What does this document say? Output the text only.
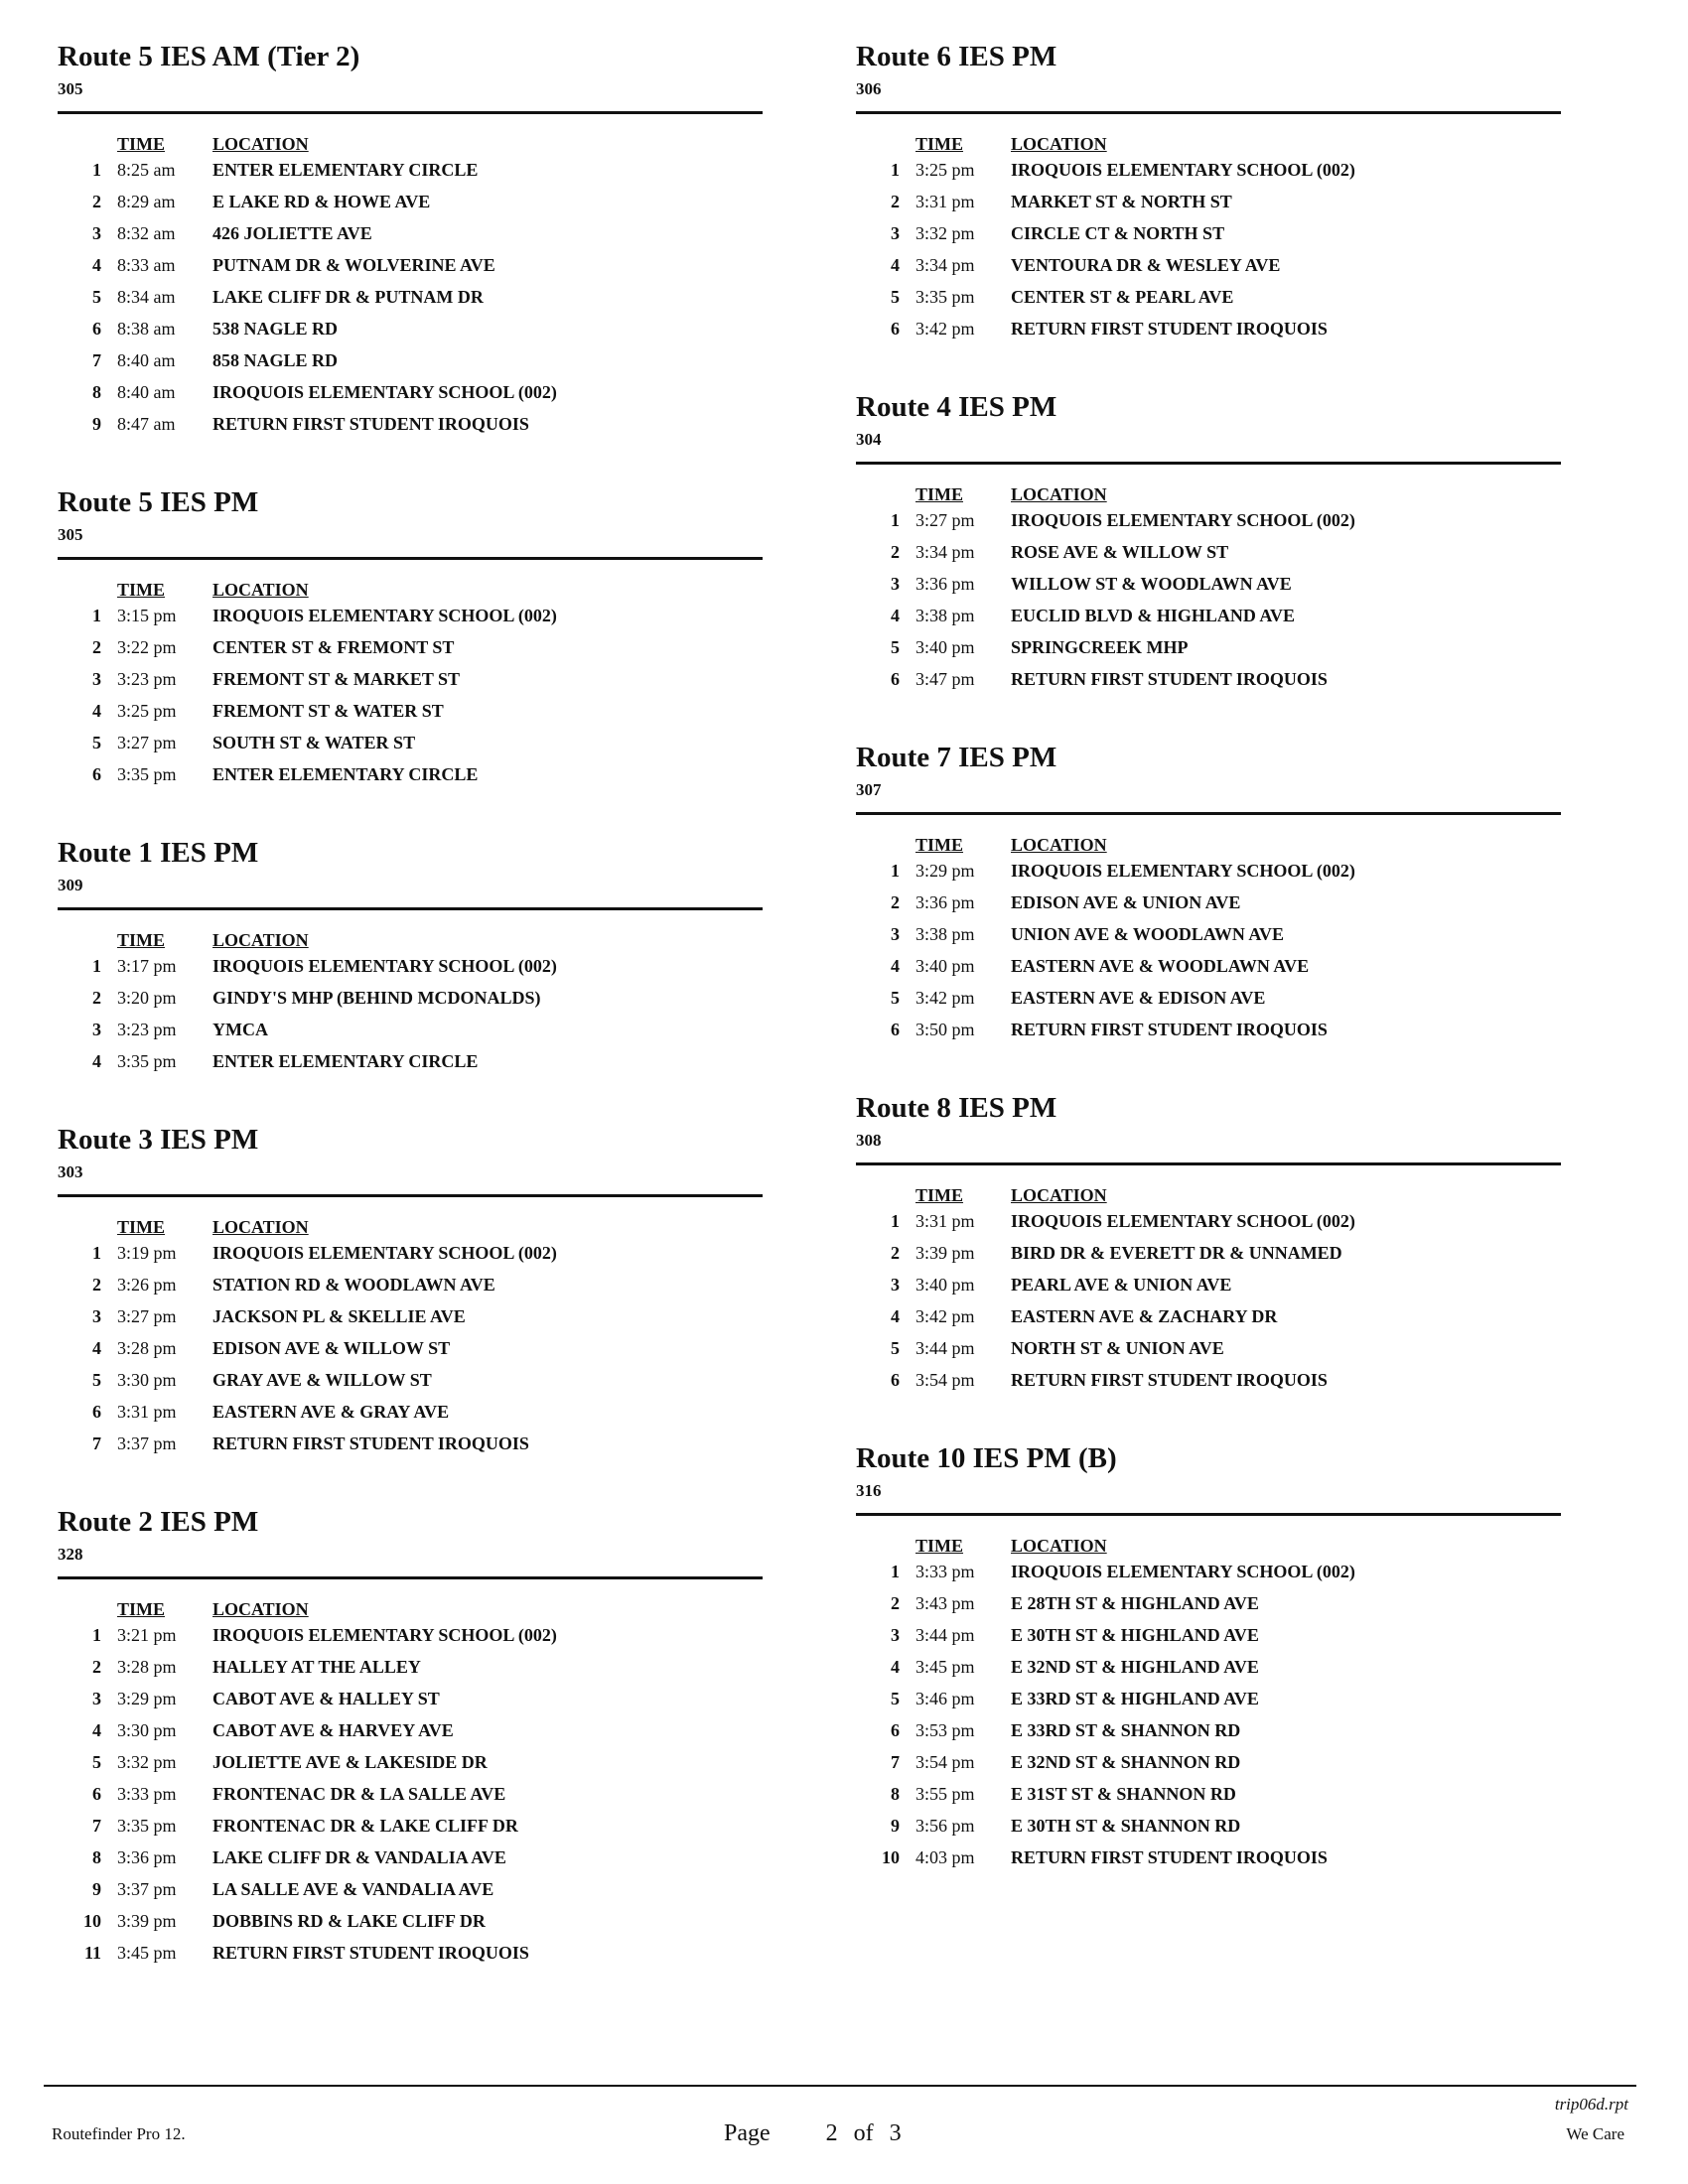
Route 5 IES AM (Tier 2)
305
	TIME	LOCATION
1	8:25 am	ENTER ELEMENTARY CIRCLE
2	8:29 am	E LAKE RD & HOWE AVE
3	8:32 am	426 JOLIETTE AVE
4	8:33 am	PUTNAM DR & WOLVERINE AVE
5	8:34 am	LAKE CLIFF DR & PUTNAM DR
6	8:38 am	538 NAGLE RD
7	8:40 am	858 NAGLE RD
8	8:40 am	IROQUOIS ELEMENTARY SCHOOL (002)
9	8:47 am	RETURN FIRST STUDENT IROQUOIS
Route 5 IES PM
305
	TIME	LOCATION
1	3:15 pm	IROQUOIS ELEMENTARY SCHOOL (002)
2	3:22 pm	CENTER ST & FREMONT ST
3	3:23 pm	FREMONT ST & MARKET ST
4	3:25 pm	FREMONT ST & WATER ST
5	3:27 pm	SOUTH ST & WATER ST
6	3:35 pm	ENTER ELEMENTARY CIRCLE
Route 1 IES PM
309
	TIME	LOCATION
1	3:17 pm	IROQUOIS ELEMENTARY SCHOOL (002)
2	3:20 pm	GINDY'S MHP (BEHIND MCDONALDS)
3	3:23 pm	YMCA
4	3:35 pm	ENTER ELEMENTARY CIRCLE
Route 3 IES PM
303
	TIME	LOCATION
1	3:19 pm	IROQUOIS ELEMENTARY SCHOOL (002)
2	3:26 pm	STATION RD & WOODLAWN AVE
3	3:27 pm	JACKSON PL & SKELLIE AVE
4	3:28 pm	EDISON AVE & WILLOW ST
5	3:30 pm	GRAY AVE & WILLOW ST
6	3:31 pm	EASTERN AVE & GRAY AVE
7	3:37 pm	RETURN FIRST STUDENT IROQUOIS
Route 2 IES PM
328
	TIME	LOCATION
1	3:21 pm	IROQUOIS ELEMENTARY SCHOOL (002)
2	3:28 pm	HALLEY AT THE ALLEY
3	3:29 pm	CABOT AVE & HALLEY ST
4	3:30 pm	CABOT AVE & HARVEY AVE
5	3:32 pm	JOLIETTE AVE & LAKESIDE DR
6	3:33 pm	FRONTENAC DR & LA SALLE AVE
7	3:35 pm	FRONTENAC DR & LAKE CLIFF DR
8	3:36 pm	LAKE CLIFF DR & VANDALIA AVE
9	3:37 pm	LA SALLE AVE & VANDALIA AVE
10	3:39 pm	DOBBINS RD & LAKE CLIFF DR
11	3:45 pm	RETURN FIRST STUDENT IROQUOIS
Route 6 IES PM
306
	TIME	LOCATION
1	3:25 pm	IROQUOIS ELEMENTARY SCHOOL (002)
2	3:31 pm	MARKET ST & NORTH ST
3	3:32 pm	CIRCLE CT & NORTH ST
4	3:34 pm	VENTOURA DR & WESLEY AVE
5	3:35 pm	CENTER ST & PEARL AVE
6	3:42 pm	RETURN FIRST STUDENT IROQUOIS
Route 4 IES PM
304
	TIME	LOCATION
1	3:27 pm	IROQUOIS ELEMENTARY SCHOOL (002)
2	3:34 pm	ROSE AVE & WILLOW ST
3	3:36 pm	WILLOW ST & WOODLAWN AVE
4	3:38 pm	EUCLID BLVD & HIGHLAND AVE
5	3:40 pm	SPRINGCREEK MHP
6	3:47 pm	RETURN FIRST STUDENT IROQUOIS
Route 7 IES PM
307
	TIME	LOCATION
1	3:29 pm	IROQUOIS ELEMENTARY SCHOOL (002)
2	3:36 pm	EDISON AVE & UNION AVE
3	3:38 pm	UNION AVE & WOODLAWN AVE
4	3:40 pm	EASTERN AVE & WOODLAWN AVE
5	3:42 pm	EASTERN AVE & EDISON AVE
6	3:50 pm	RETURN FIRST STUDENT IROQUOIS
Route 8 IES PM
308
	TIME	LOCATION
1	3:31 pm	IROQUOIS ELEMENTARY SCHOOL (002)
2	3:39 pm	BIRD DR & EVERETT DR & UNNAMED
3	3:40 pm	PEARL AVE & UNION AVE
4	3:42 pm	EASTERN AVE & ZACHARY DR
5	3:44 pm	NORTH ST & UNION AVE
6	3:54 pm	RETURN FIRST STUDENT IROQUOIS
Route 10 IES PM (B)
316
	TIME	LOCATION
1	3:33 pm	IROQUOIS ELEMENTARY SCHOOL (002)
2	3:43 pm	E 28TH ST & HIGHLAND AVE
3	3:44 pm	E 30TH ST & HIGHLAND AVE
4	3:45 pm	E 32ND ST & HIGHLAND AVE
5	3:46 pm	E 33RD ST & HIGHLAND AVE
6	3:53 pm	E 33RD ST & SHANNON RD
7	3:54 pm	E 32ND ST & SHANNON RD
8	3:55 pm	E 31ST ST & SHANNON RD
9	3:56 pm	E 30TH ST & SHANNON RD
10	4:03 pm	RETURN FIRST STUDENT IROQUOIS
trip06d.rpt
Routefinder Pro 12.	Page 2 of 3	We Care
